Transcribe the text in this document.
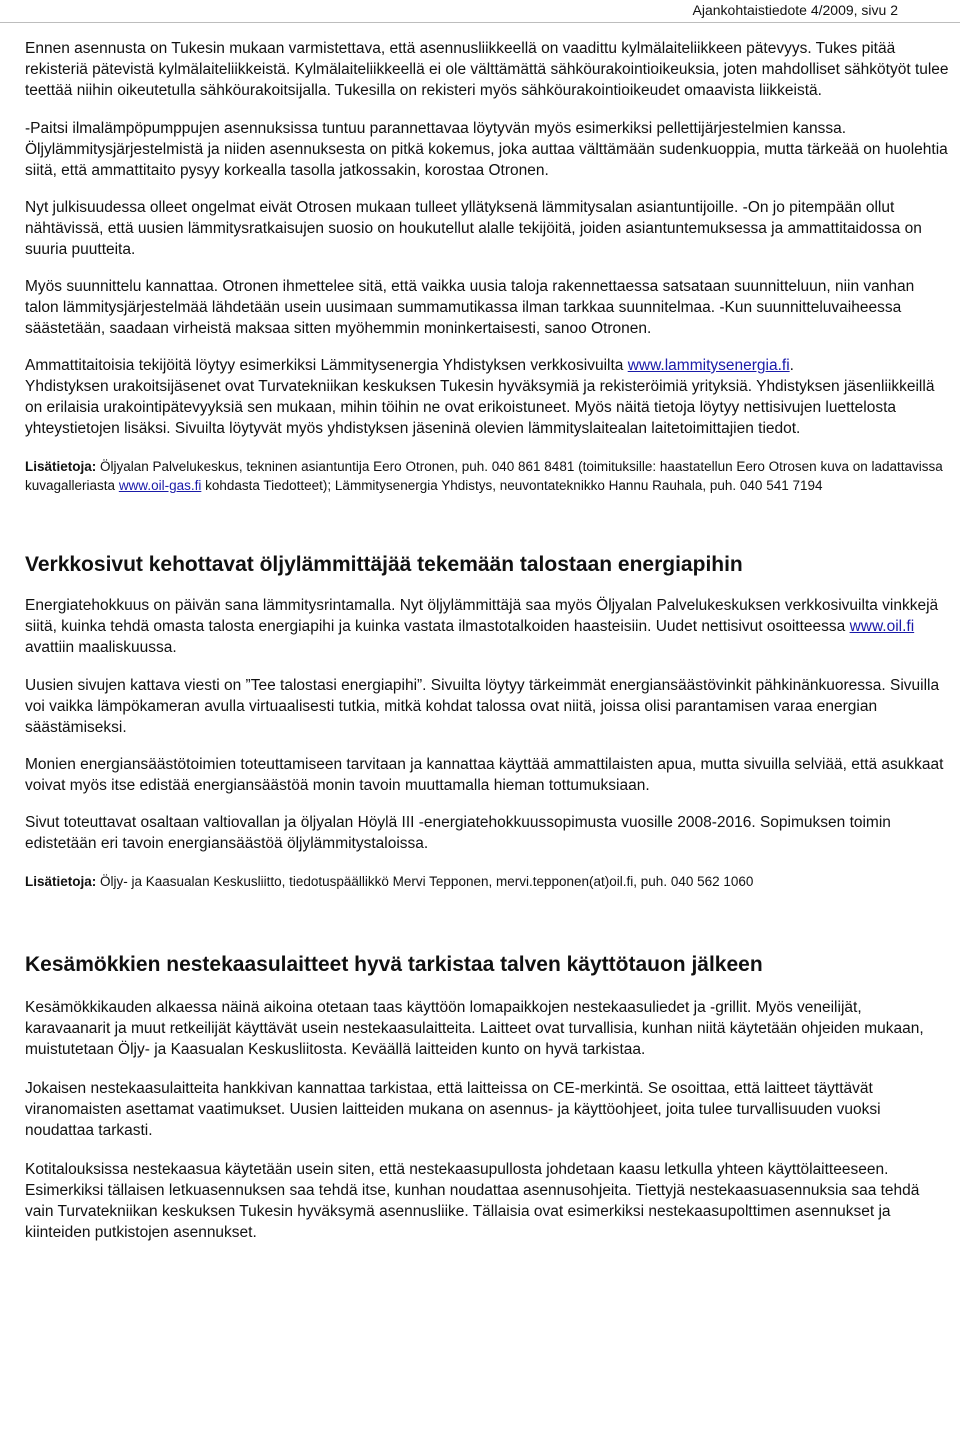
Ajankohtaistiedote 4/2009, sivu 2

Ennen asennusta on Tukesin mukaan varmistettava, että asennusliikkeellä on vaadittu kylmälaiteliikkeen pätevyys. Tukes pitää rekisteriä pätevistä kylmälaiteliikkeistä. Kylmälaiteliikkeellä ei ole välttämättä sähköurakointioikeuksia, joten mahdolliset sähkötyöt tulee teettää niihin oikeutetulla sähköurakoitsijalla. Tukesilla on rekisteri myös sähköurakointioikeudet omaavista liikkeistä.

-Paitsi ilmalämpöpumppujen asennuksissa tuntuu parannettavaa löytyvän myös esimerkiksi pellettijärjestelmien kanssa. Öljylämmitysjärjestelmistä ja niiden asennuksesta on pitkä kokemus, joka auttaa välttämään sudenkuoppia, mutta tärkeää on huolehtia siitä, että ammattitaito pysyy korkealla tasolla jatkossakin, korostaa Otronen.

Nyt julkisuudessa olleet ongelmat eivät Otrosen mukaan tulleet yllätyksenä lämmitysalan asiantuntijoille. -On jo pitempään ollut nähtävissä, että uusien lämmitysratkaisujen suosio on houkutellut alalle tekijöitä, joiden asiantuntemuksessa ja ammattitaidossa on suuria puutteita.

Myös suunnittelu kannattaa. Otronen ihmettelee sitä, että vaikka uusia taloja rakennettaessa satsataan suunnitteluun, niin vanhan talon lämmitysjärjestelmää lähdetään usein uusimaan summamutikassa ilman tarkkaa suunnitelmaa. -Kun suunnitteluvaiheessa säästetään, saadaan virheistä maksaa sitten myöhemmin moninkertaisesti, sanoo Otronen.

Ammattitaitoisia tekijöitä löytyy esimerkiksi Lämmitysenergia Yhdistyksen verkkosivuilta www.lammitysenergia.fi.

Yhdistyksen urakoitsijäsenet ovat Turvatekniikan keskuksen Tukesin hyväksymiä ja rekisteröimiä yrityksiä. Yhdistyksen jäsenliikkeillä on erilaisia urakointipätevyyksiä sen mukaan, mihin töihin ne ovat erikoistuneet. Myös näitä tietoja löytyy nettisivujen luettelosta yhteystietojen lisäksi. Sivuilta löytyvät myös yhdistyksen jäseninä olevien lämmityslaitealan laitetoimittajien tiedot.

Lisätietoja: Öljyalan Palvelukeskus, tekninen asiantuntija Eero Otronen, puh. 040 861 8481 (toimituksille: haastatellun Eero Otrosen kuva on ladattavissa kuvagalleriasta www.oil-gas.fi kohdasta Tiedotteet); Lämmitysenergia Yhdistys, neuvontateknikko Hannu Rauhala, puh. 040 541 7194

Verkkosivut kehottavat öljylämmittäjää tekemään talostaan energiapihin

Energiatehokkuus on päivän sana lämmitysrintamalla. Nyt öljylämmittäjä saa myös Öljyalan Palvelukeskuksen verkkosivuilta vinkkejä siitä, kuinka tehdä omasta talosta energiapihi ja kuinka vastata ilmastotalkoiden haasteisiin. Uudet nettisivut osoitteessa www.oil.fi avattiin maaliskuussa.

Uusien sivujen kattava viesti on ”Tee talostasi energiapihi”. Sivuilta löytyy tärkeimmät energiansäästövinkit pähkinänkuoressa. Sivuilla voi vaikka lämpökameran avulla virtuaalisesti tutkia, mitkä kohdat talossa ovat niitä, joissa olisi parantamisen varaa energian säästämiseksi.

Monien energiansäästötoimien toteuttamiseen tarvitaan ja kannattaa käyttää ammattilaisten apua, mutta sivuilla selviää, että asukkaat voivat myös itse edistää energiansäästöä monin tavoin muuttamalla hieman tottumuksiaan.

Sivut toteuttavat osaltaan valtiovallan ja öljyalan Höylä III -energiatehokkuussopimusta vuosille 2008-2016. Sopimuksen toimin edistetään eri tavoin energiansäästöä öljylämmitystaloissa.

Lisätietoja: Öljy- ja Kaasualan Keskusliitto, tiedotuspäällikkö Mervi Tepponen, mervi.tepponen(at)oil.fi, puh. 040 562 1060

Kesämökkien nestekaasulaitteet hyvä tarkistaa talven käyttötauon jälkeen

Kesämökkikauden alkaessa näinä aikoina otetaan taas käyttöön lomapaikkojen nestekaasuliedet ja -grillit. Myös veneilijät, karavaanarit ja muut retkeilijät käyttävät usein nestekaasulaitteita. Laitteet ovat turvallisia, kunhan niitä käytetään ohjeiden mukaan, muistutetaan Öljy- ja Kaasualan Keskusliitosta. Keväällä laitteiden kunto on hyvä tarkistaa.

Jokaisen nestekaasulaitteita hankkivan kannattaa tarkistaa, että laitteissa on CE-merkintä. Se osoittaa, että laitteet täyttävät viranomaisten asettamat vaatimukset. Uusien laitteiden mukana on asennus- ja käyttöohjeet, joita tulee turvallisuuden vuoksi noudattaa tarkasti.

Kotitalouksissa nestekaasua käytetään usein siten, että nestekaasupullosta johdetaan kaasu letkulla yhteen käyttölaitteeseen. Esimerkiksi tällaisen letkuasennuksen saa tehdä itse, kunhan noudattaa asennusohjeita. Tiettyjä nestekaasuasennuksia saa tehdä vain Turvatekniikan keskuksen Tukesin hyväksymä asennusliike. Tällaisia ovat esimerkiksi nestekaasupolttimen asennukset ja kiinteiden putkistojen asennukset.
